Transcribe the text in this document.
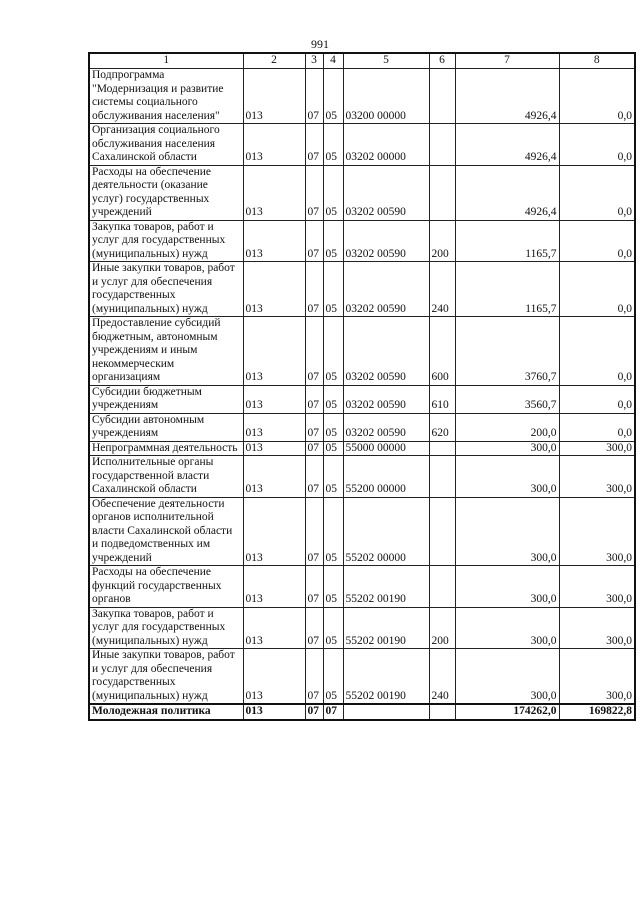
991
1	2	3	4	5	6	7	8
Подпрограмма "Модернизация и развитие системы социального обслуживания населения"	013	07	05	03200 00000		4926,4	0,0
Организация социального обслуживания населения Сахалинской области	013	07	05	03202 00000		4926,4	0,0
Расходы на обеспечение деятельности (оказание услуг) государственных учреждений	013	07	05	03202 00590		4926,4	0,0
Закупка товаров, работ и услуг для государственных (муниципальных) нужд	013	07	05	03202 00590	200	1165,7	0,0
Иные закупки товаров, работ и услуг для обеспечения государственных (муниципальных) нужд	013	07	05	03202 00590	240	1165,7	0,0
Предоставление субсидий бюджетным, автономным учреждениям и иным некоммерческим организациям	013	07	05	03202 00590	600	3760,7	0,0
Субсидии бюджетным учреждениям	013	07	05	03202 00590	610	3560,7	0,0
Субсидии автономным учреждениям	013	07	05	03202 00590	620	200,0	0,0
Непрограммная деятельность	013	07	05	55000 00000		300,0	300,0
Исполнительные органы государственной власти Сахалинской области	013	07	05	55200 00000		300,0	300,0
Обеспечение деятельности органов исполнительной власти Сахалинской области и подведомственных им учреждений	013	07	05	55202 00000		300,0	300,0
Расходы на обеспечение функций государственных органов	013	07	05	55202 00190		300,0	300,0
Закупка товаров, работ и услуг для государственных (муниципальных) нужд	013	07	05	55202 00190	200	300,0	300,0
Иные закупки товаров, работ и услуг для обеспечения государственных (муниципальных) нужд	013	07	05	55202 00190	240	300,0	300,0
Молодежная политика	013	07	07			174262,0	169822,8
